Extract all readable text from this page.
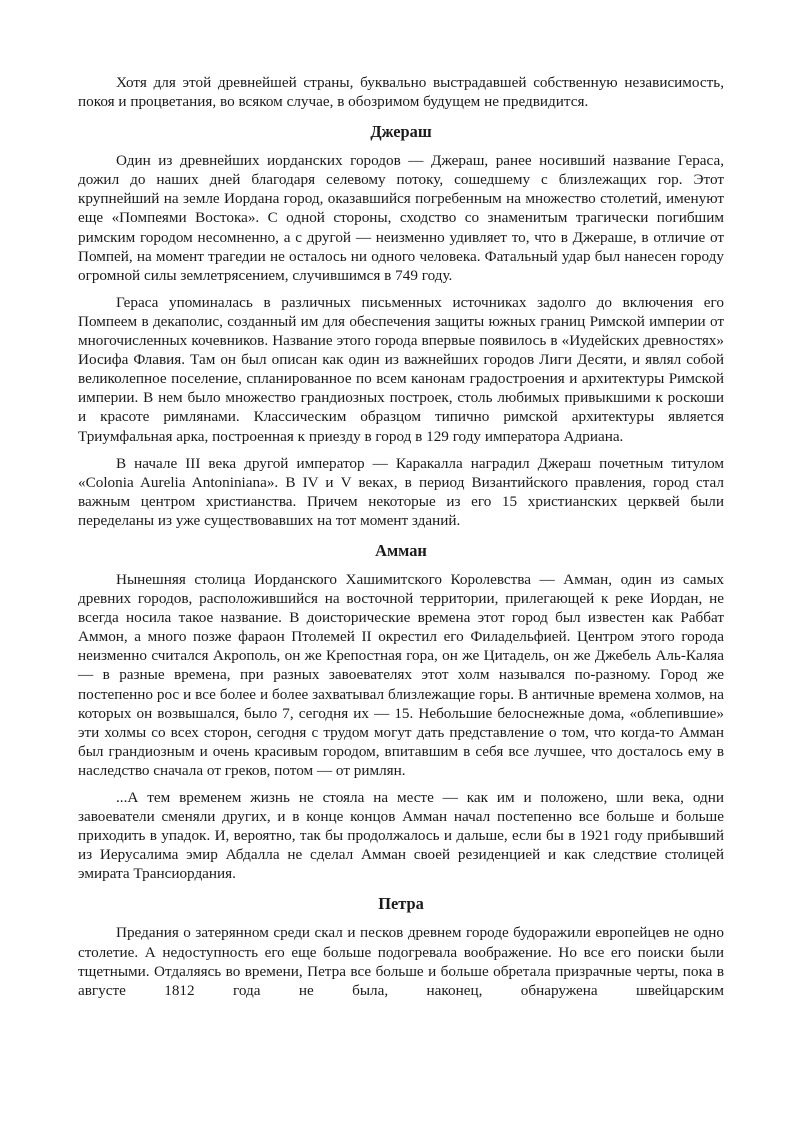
Хотя для этой древнейшей страны, буквально выстрадавшей собственную независимость, покоя и процветания, во всяком случае, в обозримом будущем не предвидится.

Джераш

Один из древнейших иорданских городов — Джераш, ранее носивший название Гераса, дожил до наших дней благодаря селевому потоку, сошедшему с близлежащих гор. Этот крупнейший на земле Иордана город, оказавшийся погребенным на множество столетий, именуют еще «Помпеями Востока». С одной стороны, сходство со знаменитым трагически погибшим римским городом несомненно, а с другой — неизменно удивляет то, что в Джераше, в отличие от Помпей, на момент трагедии не осталось ни одного человека. Фатальный удар был нанесен городу огромной силы землетрясением, случившимся в 749 году.

Гераса упоминалась в различных письменных источниках задолго до включения его Помпеем в декаполис, созданный им для обеспечения защиты южных границ Римской империи от многочисленных кочевников. Название этого города впервые появилось в «Иудейских древностях» Иосифа Флавия. Там он был описан как один из важнейших городов Лиги Десяти, и являл собой великолепное поселение, спланированное по всем канонам градостроения и архитектуры Римской империи. В нем было множество грандиозных построек, столь любимых привыкшими к роскоши и красоте римлянами. Классическим образцом типично римской архитектуры является Триумфальная арка, построенная к приезду в город в 129 году императора Адриана.

В начале III века другой император — Каракалла наградил Джераш почетным титулом «Colonia Aurelia Antoniniana». В IV и V веках, в период Византийского правления, город стал важным центром христианства. Причем некоторые из его 15 христианских церквей были переделаны из уже существовавших на тот момент зданий.

Амман

Нынешняя столица Иорданского Хашимитского Королевства — Амман, один из самых древних городов, расположившийся на восточной территории, прилегающей к реке Иордан, не всегда носила такое название. В доисторические времена этот город был известен как Раббат Аммон, а много позже фараон Птолемей II окрестил его Филадельфией. Центром этого города неизменно считался Акрополь, он же Крепостная гора, он же Цитадель, он же Джебель Аль-Каляа — в разные времена, при разных завоевателях этот холм назывался по-разному. Город же постепенно рос и все более и более захватывал близлежащие горы. В античные времена холмов, на которых он возвышался, было 7, сегодня их — 15. Небольшие белоснежные дома, «облепившие» эти холмы со всех сторон, сегодня с трудом могут дать представление о том, что когда-то Амман был грандиозным и очень красивым городом, впитавшим в себя все лучшее, что досталось ему в наследство сначала от греков, потом — от римлян.

...А тем временем жизнь не стояла на месте — как им и положено, шли века, одни завоеватели сменяли других, и в конце концов Амман начал постепенно все больше и больше приходить в упадок. И, вероятно, так бы продолжалось и дальше, если бы в 1921 году прибывший из Иерусалима эмир Абдалла не сделал Амман своей резиденцией и как следствие столицей эмирата Трансиордания.

Петра

Предания о затерянном среди скал и песков древнем городе будоражили европейцев не одно столетие. А недоступность его еще больше подогревала воображение. Но все его поиски были тщетными. Отдаляясь во времени, Петра все больше и больше обретала призрачные черты, пока в августе 1812 года не была, наконец, обнаружена швейцарским
